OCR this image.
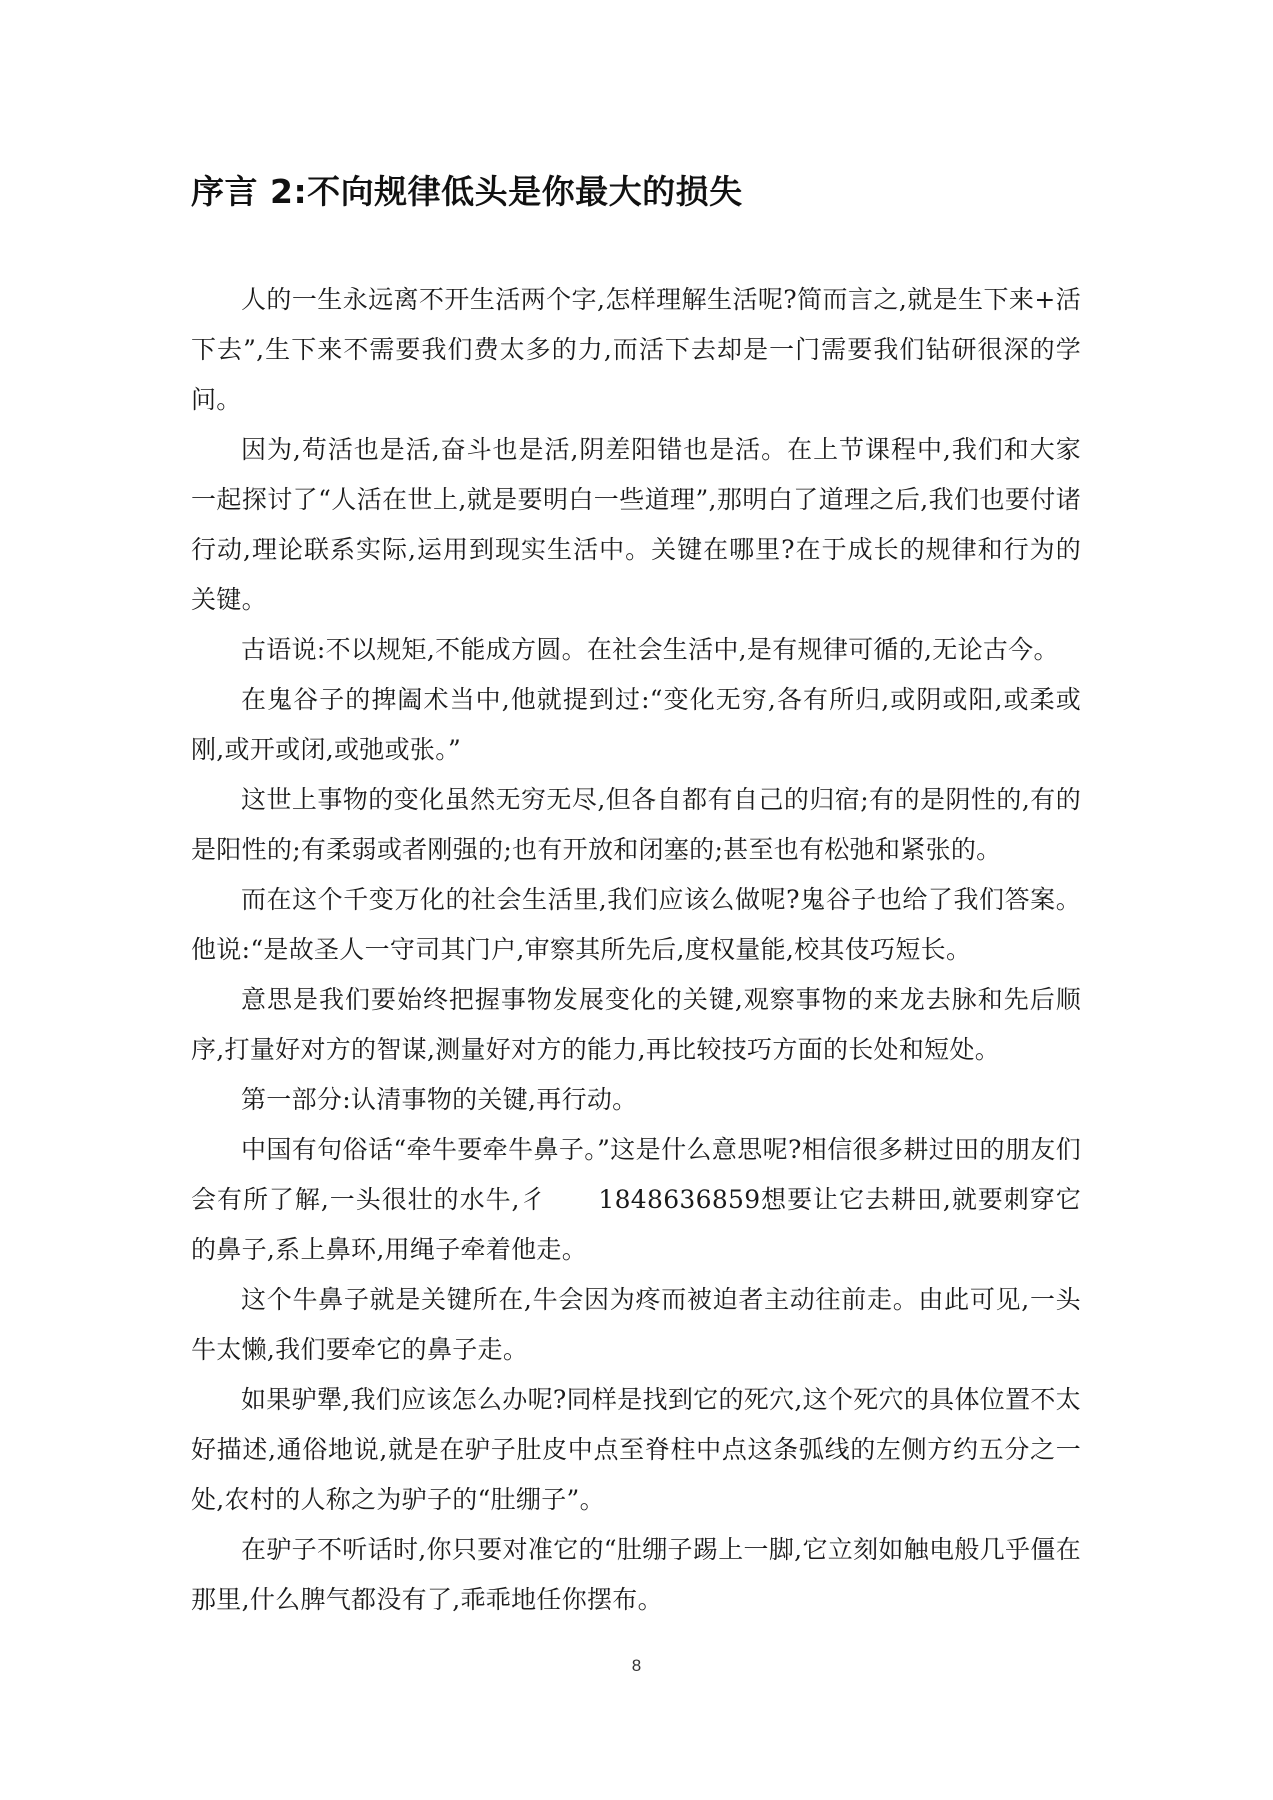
序言 2:不向规律低头是你最大的损失

人的一生永远离不开生活两个字,怎样理解生活呢?简而言之,就是生下来+活下去”,生下来不需要我们费太多的力,而活下去却是一门需要我们钻研很深的学问。

因为,苟活也是活,奋斗也是活,阴差阳错也是活。在上节课程中,我们和大家一起探讨了“人活在世上,就是要明白一些道理”,那明白了道理之后,我们也要付诸行动,理论联系实际,运用到现实生活中。关键在哪里?在于成长的规律和行为的关键。

古语说:不以规矩,不能成方圆。在社会生活中,是有规律可循的,无论古今。

在鬼谷子的捭阖术当中,他就提到过:“变化无穷,各有所归,或阴或阳,或柔或刚,或开或闭,或弛或张。”

这世上事物的变化虽然无穷无尽,但各自都有自己的归宿;有的是阴性的,有的是阳性的;有柔弱或者刚强的;也有开放和闭塞的;甚至也有松弛和紧张的。

而在这个千变万化的社会生活里,我们应该么做呢?鬼谷子也给了我们答案。他说:“是故圣人一守司其门户,审察其所先后,度权量能,校其伎巧短长。

意思是我们要始终把握事物发展变化的关键,观察事物的来龙去脉和先后顺序,打量好对方的智谋,测量好对方的能力,再比较技巧方面的长处和短处。

第一部分:认清事物的关键,再行动。

中国有句俗话“牵牛要牵牛鼻子。”这是什么意思呢?相信很多耕过田的朋友们会有所了解,一头很壮的水牛,彳　　1848636859想要让它去耕田,就要刺穿它的鼻子,系上鼻环,用绳子牵着他走。

这个牛鼻子就是关键所在,牛会因为疼而被迫者主动往前走。由此可见,一头牛太懒,我们要牵它的鼻子走。

如果驴犟,我们应该怎么办呢?同样是找到它的死穴,这个死穴的具体位置不太好描述,通俗地说,就是在驴子肚皮中点至脊柱中点这条弧线的左侧方约五分之一处,农村的人称之为驴子的“肚绷子”。

在驴子不听话时,你只要对准它的“肚绷子踢上一脚,它立刻如触电般几乎僵在那里,什么脾气都没有了,乖乖地任你摆布。

8
